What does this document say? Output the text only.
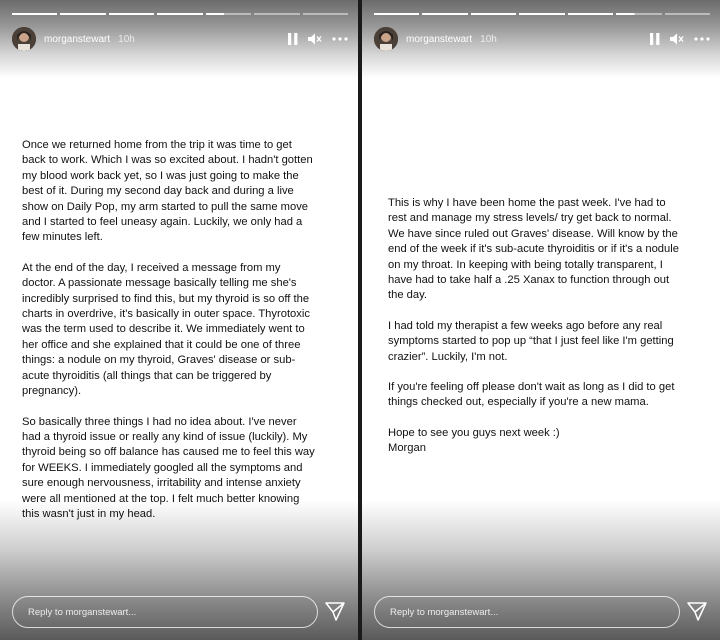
morganstewart 10h

Once we returned home from the trip it was time to get
back to work. Which I was so excited about. I hadn't gotten
my blood work back yet, so I was just going to make the
best of it. During my second day back and during a live
show on Daily Pop, my arm started to pull the same move
and I started to feel uneasy again. Luckily, we only had a
few minutes left.

At the end of the day, I received a message from my
doctor. A passionate message basically telling me she's
incredibly surprised to find this, but my thyroid is so off the
charts in overdrive, it's basically in outer space. Thyrotoxic
was the term used to describe it. We immediately went to
her office and she explained that it could be one of three
things: a nodule on my thyroid, Graves' disease or sub-
acute thyroiditis (all things that can be triggered by
pregnancy).

So basically three things I had no idea about. I've never
had a thyroid issue or really any kind of issue (luckily). My
thyroid being so off balance has caused me to feel this way
for WEEKS. I immediately googled all the symptoms and
sure enough nervousness, irritability and intense anxiety
were all mentioned at the top. I felt much better knowing
this wasn't just in my head.

Reply to morganstewart...
morganstewart 10h

This is why I have been home the past week. I've had to
rest and manage my stress levels/ try get back to normal.
We have since ruled out Graves' disease. Will know by the
end of the week if it's sub-acute thyroiditis or if it's a nodule
on my throat. In keeping with being totally transparent, I
have had to take half a .25 Xanax to function through out
the day.

I had told my therapist a few weeks ago before any real
symptoms started to pop up “that I just feel like I'm getting
crazier”. Luckily, I'm not.

If you're feeling off please don't wait as long as I did to get
things checked out, especially if you're a new mama.

Hope to see you guys next week :)
Morgan

Reply to morganstewart...
